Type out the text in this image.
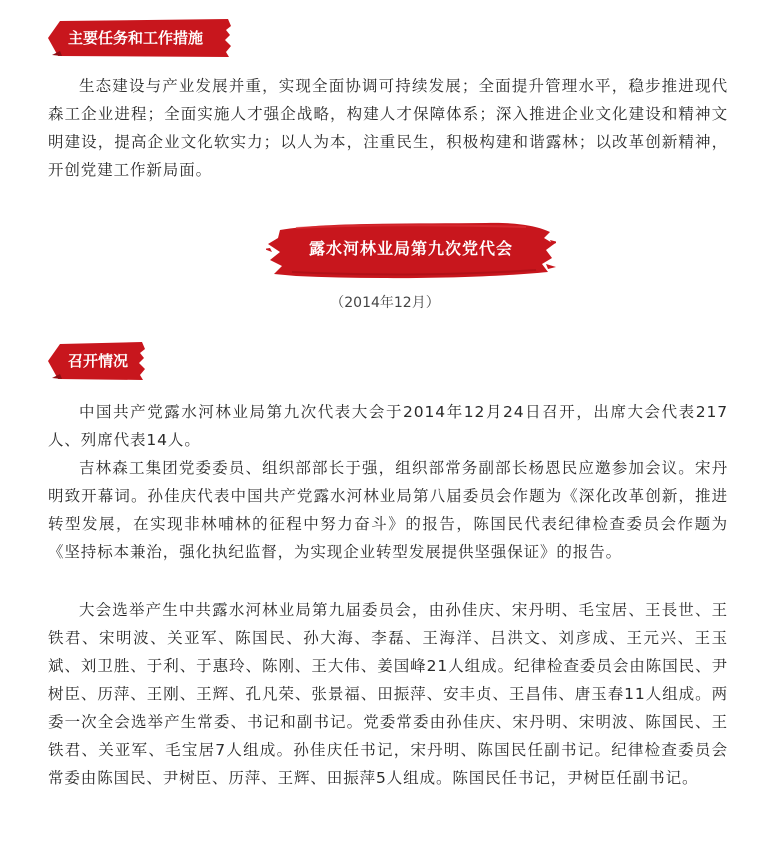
主要任务和工作措施

生态建设与产业发展并重，实现全面协调可持续发展；全面提升管理水平，稳步推进现代森工企业进程；全面实施人才强企战略，构建人才保障体系；深入推进企业文化建设和精神文明建设，提高企业文化软实力；以人为本，注重民生，积极构建和谐露林；以改革创新精神，开创党建工作新局面。

露水河林业局第九次党代会
（2014年12月）
召开情况

中国共产党露水河林业局第九次代表大会于2014年12月24日召开，出席大会代表217人、列席代表14人。

吉林森工集团党委委员、组织部部长于强，组织部常务副部长杨恩民应邀参加会议。宋丹明致开幕词。孙佳庆代表中国共产党露水河林业局第八届委员会作题为《深化改革创新，推进转型发展，在实现非林哺林的征程中努力奋斗》的报告，陈国民代表纪律检查委员会作题为《坚持标本兼治，强化执纪监督，为实现企业转型发展提供坚强保证》的报告。

大会选举产生中共露水河林业局第九届委员会，由孙佳庆、宋丹明、毛宝居、王長世、王铁君、宋明波、关亚军、陈国民、孙大海、李磊、王海洋、吕洪文、刘彦成、王元兴、王玉斌、刘卫胜、于利、于惠玲、陈刚、王大伟、姜国峰21人组成。纪律检查委员会由陈国民、尹树臣、历萍、王刚、王辉、孔凡荣、张景福、田振萍、安丰贞、王昌伟、唐玉春11人组成。两委一次全会选举产生常委、书记和副书记。党委常委由孙佳庆、宋丹明、宋明波、陈国民、王铁君、关亚军、毛宝居7人组成。孙佳庆任书记，宋丹明、陈国民任副书记。纪律检查委员会常委由陈国民、尹树臣、历萍、王辉、田振萍5人组成。陈国民任书记，尹树臣任副书记。
